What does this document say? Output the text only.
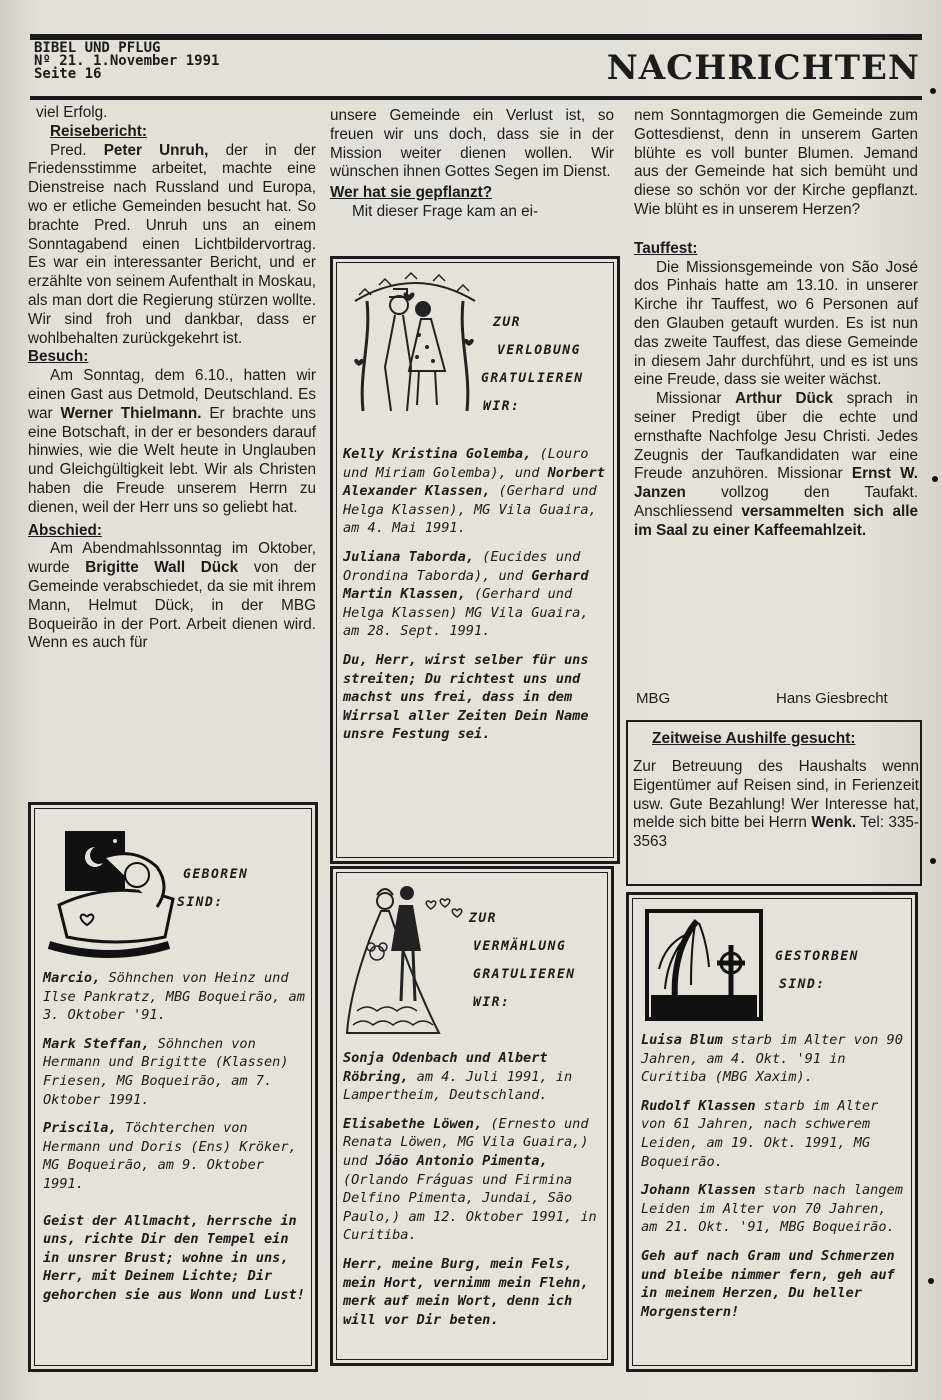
BIBEL UND PFLUG
Nº 21. 1.November 1991
Seite 16	NACHRICHTEN

viel Erfolg.

Reisebericht:

Pred. Peter Unruh, der in der Friedensstimme arbeitet, machte eine Dienstreise nach Russland und Europa, wo er etliche Gemeinden besucht hat. So brachte Pred. Unruh uns an einem Sonntagabend einen Lichtbildervortrag. Es war ein interessanter Bericht, und er erzählte von seinem Aufenthalt in Moskau, als man dort die Regierung stürzen wollte. Wir sind froh und dankbar, dass er wohlbehalten zurückgekehrt ist.

Besuch:

Am Sonntag, dem 6.10., hatten wir einen Gast aus Detmold, Deutschland. Es war Werner Thielmann. Er brachte uns eine Botschaft, in der er besonders darauf hinwies, wie die Welt heute in Unglauben und Gleichgültigkeit lebt. Wir als Christen haben die Freude unserem Herrn zu dienen, weil der Herr uns so geliebt hat.

Abschied:

Am Abendmahlssonntag im Oktober, wurde Brigitte Wall Dück von der Gemeinde verabschiedet, da sie mit ihrem Mann, Helmut Dück, in der MBG Boqueirão in der Port. Arbeit dienen wird. Wenn es auch für

unsere Gemeinde ein Verlust ist, so freuen wir uns doch, dass sie in der Mission weiter dienen wollen. Wir wünschen ihnen Gottes Segen im Dienst.

Wer hat sie gepflanzt?

Mit dieser Frage kam an ei-

nem Sonntagmorgen die Gemeinde zum Gottesdienst, denn in unserem Garten blühte es voll bunter Blumen. Jemand aus der Gemeinde hat sich bemüht und diese so schön vor der Kirche gepflanzt. Wie blüht es in unserem Herzen?

Tauffest:

Die Missionsgemeinde von São José dos Pinhais hatte am 13.10. in unserer Kirche ihr Tauffest, wo 6 Personen auf den Glauben getauft wurden. Es ist nun das zweite Tauffest, das diese Gemeinde in diesem Jahr durchführt, und es ist uns eine Freude, dass sie weiter wächst.

Missionar Arthur Dück sprach in seiner Predigt über die echte und ernsthafte Nachfolge Jesu Christi. Jedes Zeugnis der Taufkandidaten war eine Freude anzuhören. Missionar Ernst W. Janzen vollzog den Taufakt. Anschliessend versammelten sich alle im Saal zu einer Kaffeemahlzeit.

MBG	Hans Giesbrecht
Zeitweise Aushilfe gesucht:
Zur Betreuung des Haushalts wenn Eigentümer auf Reisen sind, in Ferienzeit usw. Gute Bezahlung! Wer Interesse hat, melde sich bitte bei Herrn Wenk. Tel: 335-3563
ZUR
VERLOBUNG
GRATULIEREN
WIR:

Kelly Kristina Golemba, (Louro und Miriam Golemba), und Norbert Alexander Klassen, (Gerhard und Helga Klassen), MG Vila Guaira, am 4. Mai 1991.

Juliana Taborda, (Eucides und Orondina Taborda), und Gerhard Martin Klassen, (Gerhard und Helga Klassen) MG Vila Guaira, am 28. Sept. 1991.

Du, Herr, wirst selber für uns streiten; Du richtest uns und machst uns frei, dass in dem Wirrsal aller Zeiten Dein Name unsre Festung sei.

ZUR
VERMÄHLUNG
GRATULIEREN
WIR:

Sonja Odenbach und Albert Röbring, am 4. Juli 1991, in Lampertheim, Deutschland.

Elisabethe Löwen, (Ernesto und Renata Löwen, MG Vila Guaira,) und Jóão Antonio Pimenta, (Orlando Fráguas und Firmina Delfino Pimenta, Jundai, São Paulo,) am 12. Oktober 1991, in Curitiba.

Herr, meine Burg, mein Fels, mein Hort, vernimm mein Flehn, merk auf mein Wort, denn ich will vor Dir beten.

GEBOREN
SIND:

Marcio, Söhnchen von Heinz und Ilse Pankratz, MBG Boqueirão, am 3. Oktober '91.

Mark Steffan, Söhnchen von Hermann und Brigitte (Klassen) Friesen, MG Boqueirão, am 7. Oktober 1991.

Priscila, Töchterchen von Hermann und Doris (Ens) Kröker, MG Boqueirão, am 9. Oktober 1991.

Geist der Allmacht, herrsche in uns, richte Dir den Tempel ein in unsrer Brust; wohne in uns, Herr, mit Deinem Lichte; Dir gehorchen sie aus Wonn und Lust!

GESTORBEN
SIND:

Luisa Blum starb im Alter von 90 Jahren, am 4. Okt. '91 in Curitiba (MBG Xaxim).

Rudolf Klassen starb im Alter von 61 Jahren, nach schwerem Leiden, am 19. Okt. 1991, MG Boqueirão.

Johann Klassen starb nach langem Leiden im Alter von 70 Jahren, am 21. Okt. '91, MBG Boqueirão.

Geh auf nach Gram und Schmerzen und bleibe nimmer fern, geh auf in meinem Herzen, Du heller Morgenstern!
